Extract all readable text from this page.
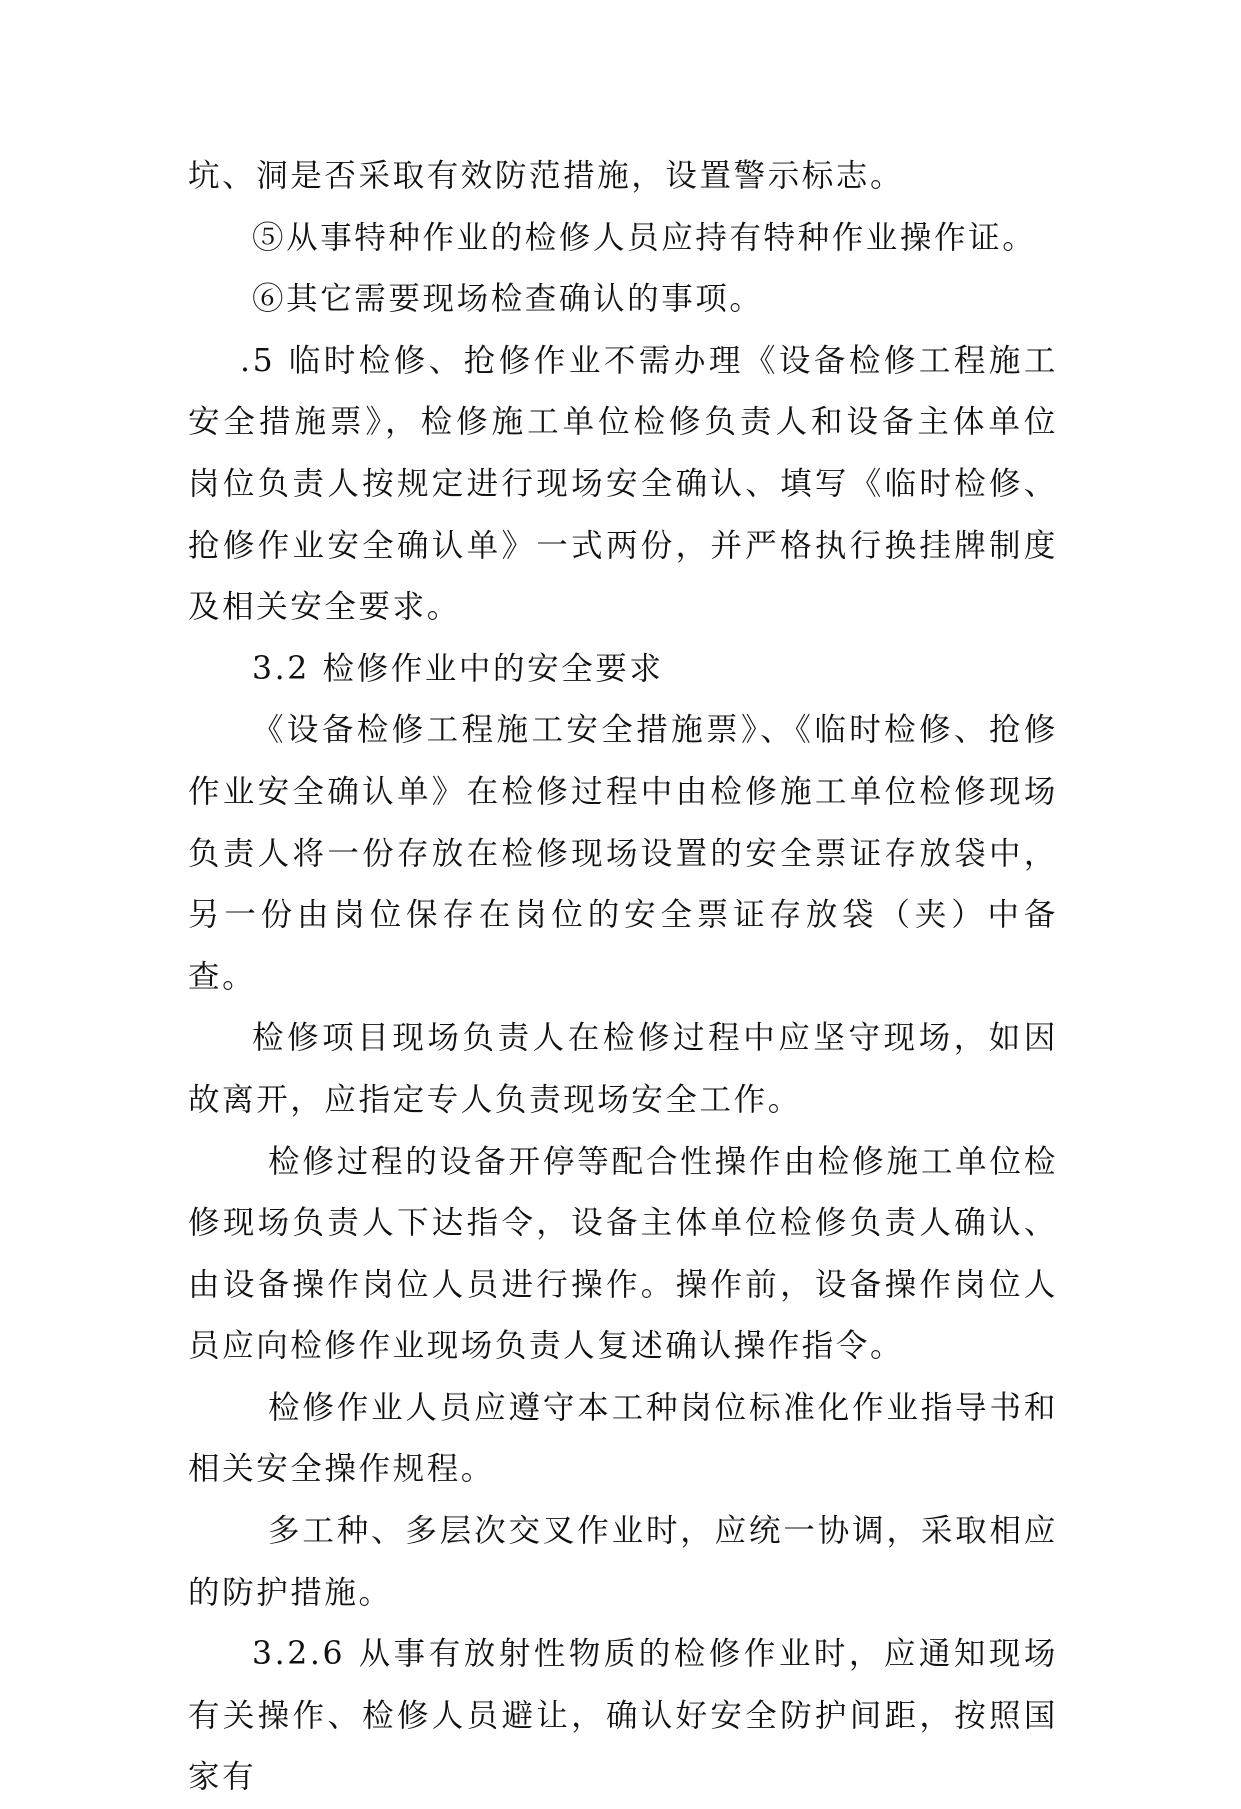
坑、洞是否采取有效防范措施，设置警示标志。

⑤从事特种作业的检修人员应持有特种作业操作证。

⑥其它需要现场检查确认的事项。

.5 临时检修、抢修作业不需办理《设备检修工程施工安全措施票》，检修施工单位检修负责人和设备主体单位岗位负责人按规定进行现场安全确认、填写《临时检修、抢修作业安全确认单》一式两份，并严格执行换挂牌制度及相关安全要求。

3.2 检修作业中的安全要求

《设备检修工程施工安全措施票》、《临时检修、抢修作业安全确认单》在检修过程中由检修施工单位检修现场负责人将一份存放在检修现场设置的安全票证存放袋中，另一份由岗位保存在岗位的安全票证存放袋（夹）中备查。

检修项目现场负责人在检修过程中应坚守现场，如因故离开，应指定专人负责现场安全工作。

检修过程的设备开停等配合性操作由检修施工单位检修现场负责人下达指令，设备主体单位检修负责人确认、由设备操作岗位人员进行操作。操作前，设备操作岗位人员应向检修作业现场负责人复述确认操作指令。

检修作业人员应遵守本工种岗位标准化作业指导书和相关安全操作规程。

多工种、多层次交叉作业时，应统一协调，采取相应的防护措施。

3.2.6 从事有放射性物质的检修作业时，应通知现场有关操作、检修人员避让，确认好安全防护间距，按照国家有
